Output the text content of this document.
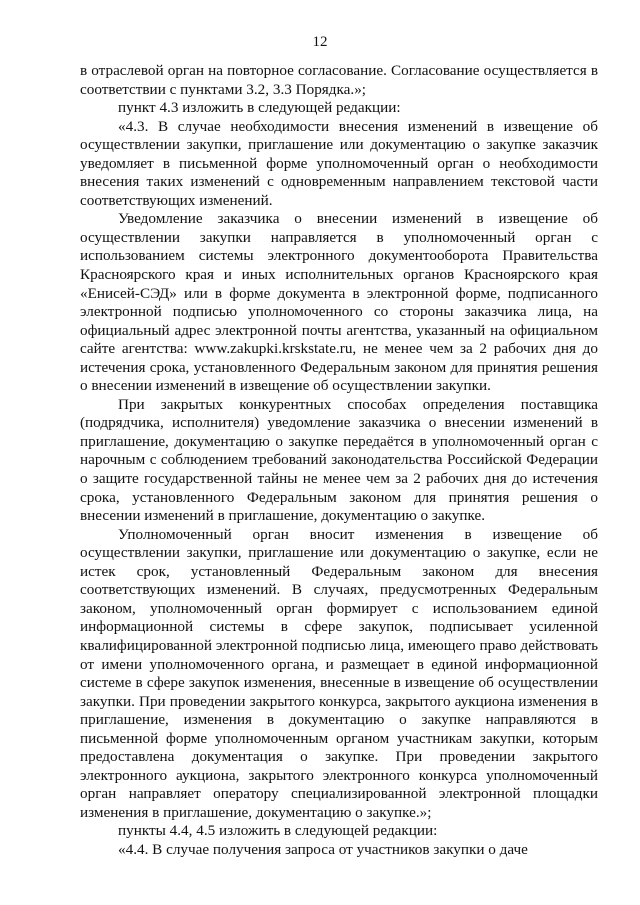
12

в отраслевой орган на повторное согласование. Согласование осуществляется в соответствии с пунктами 3.2, 3.3 Порядка.»;

пункт 4.3 изложить в следующей редакции:

«4.3. В случае необходимости внесения изменений в извещение об осуществлении закупки, приглашение или документацию о закупке заказчик уведомляет в письменной форме уполномоченный орган о необходимости внесения таких изменений с одновременным направлением текстовой части соответствующих изменений.

Уведомление заказчика о внесении изменений в извещение об осуществлении закупки направляется в уполномоченный орган с использованием системы электронного документооборота Правительства Красноярского края и иных исполнительных органов Красноярского края «Енисей-СЭД» или в форме документа в электронной форме, подписанного электронной подписью уполномоченного со стороны заказчика лица, на официальный адрес электронной почты агентства, указанный на официальном сайте агентства: www.zakupki.krskstate.ru, не менее чем за 2 рабочих дня до истечения срока, установленного Федеральным законом для принятия решения о внесении изменений в извещение об осуществлении закупки.

При закрытых конкурентных способах определения поставщика (подрядчика, исполнителя) уведомление заказчика о внесении изменений в приглашение, документацию о закупке передаётся в уполномоченный орган с нарочным с соблюдением требований законодательства Российской Федерации о защите государственной тайны не менее чем за 2 рабочих дня до истечения срока, установленного Федеральным законом для принятия решения о внесении изменений в приглашение, документацию о закупке.

Уполномоченный орган вносит изменения в извещение об осуществлении закупки, приглашение или документацию о закупке, если не истек срок, установленный Федеральным законом для внесения соответствующих изменений. В случаях, предусмотренных Федеральным законом, уполномоченный орган формирует с использованием единой информационной системы в сфере закупок, подписывает усиленной квалифицированной электронной подписью лица, имеющего право действовать от имени уполномоченного органа, и размещает в единой информационной системе в сфере закупок изменения, внесенные в извещение об осуществлении закупки. При проведении закрытого конкурса, закрытого аукциона изменения в приглашение, изменения в документацию о закупке направляются в письменной форме уполномоченным органом участникам закупки, которым предоставлена документация о закупке. При проведении закрытого электронного аукциона, закрытого электронного конкурса уполномоченный орган направляет оператору специализированной электронной площадки изменения в приглашение, документацию о закупке.»;

пункты 4.4, 4.5 изложить в следующей редакции:

«4.4. В случае получения запроса от участников закупки о даче
